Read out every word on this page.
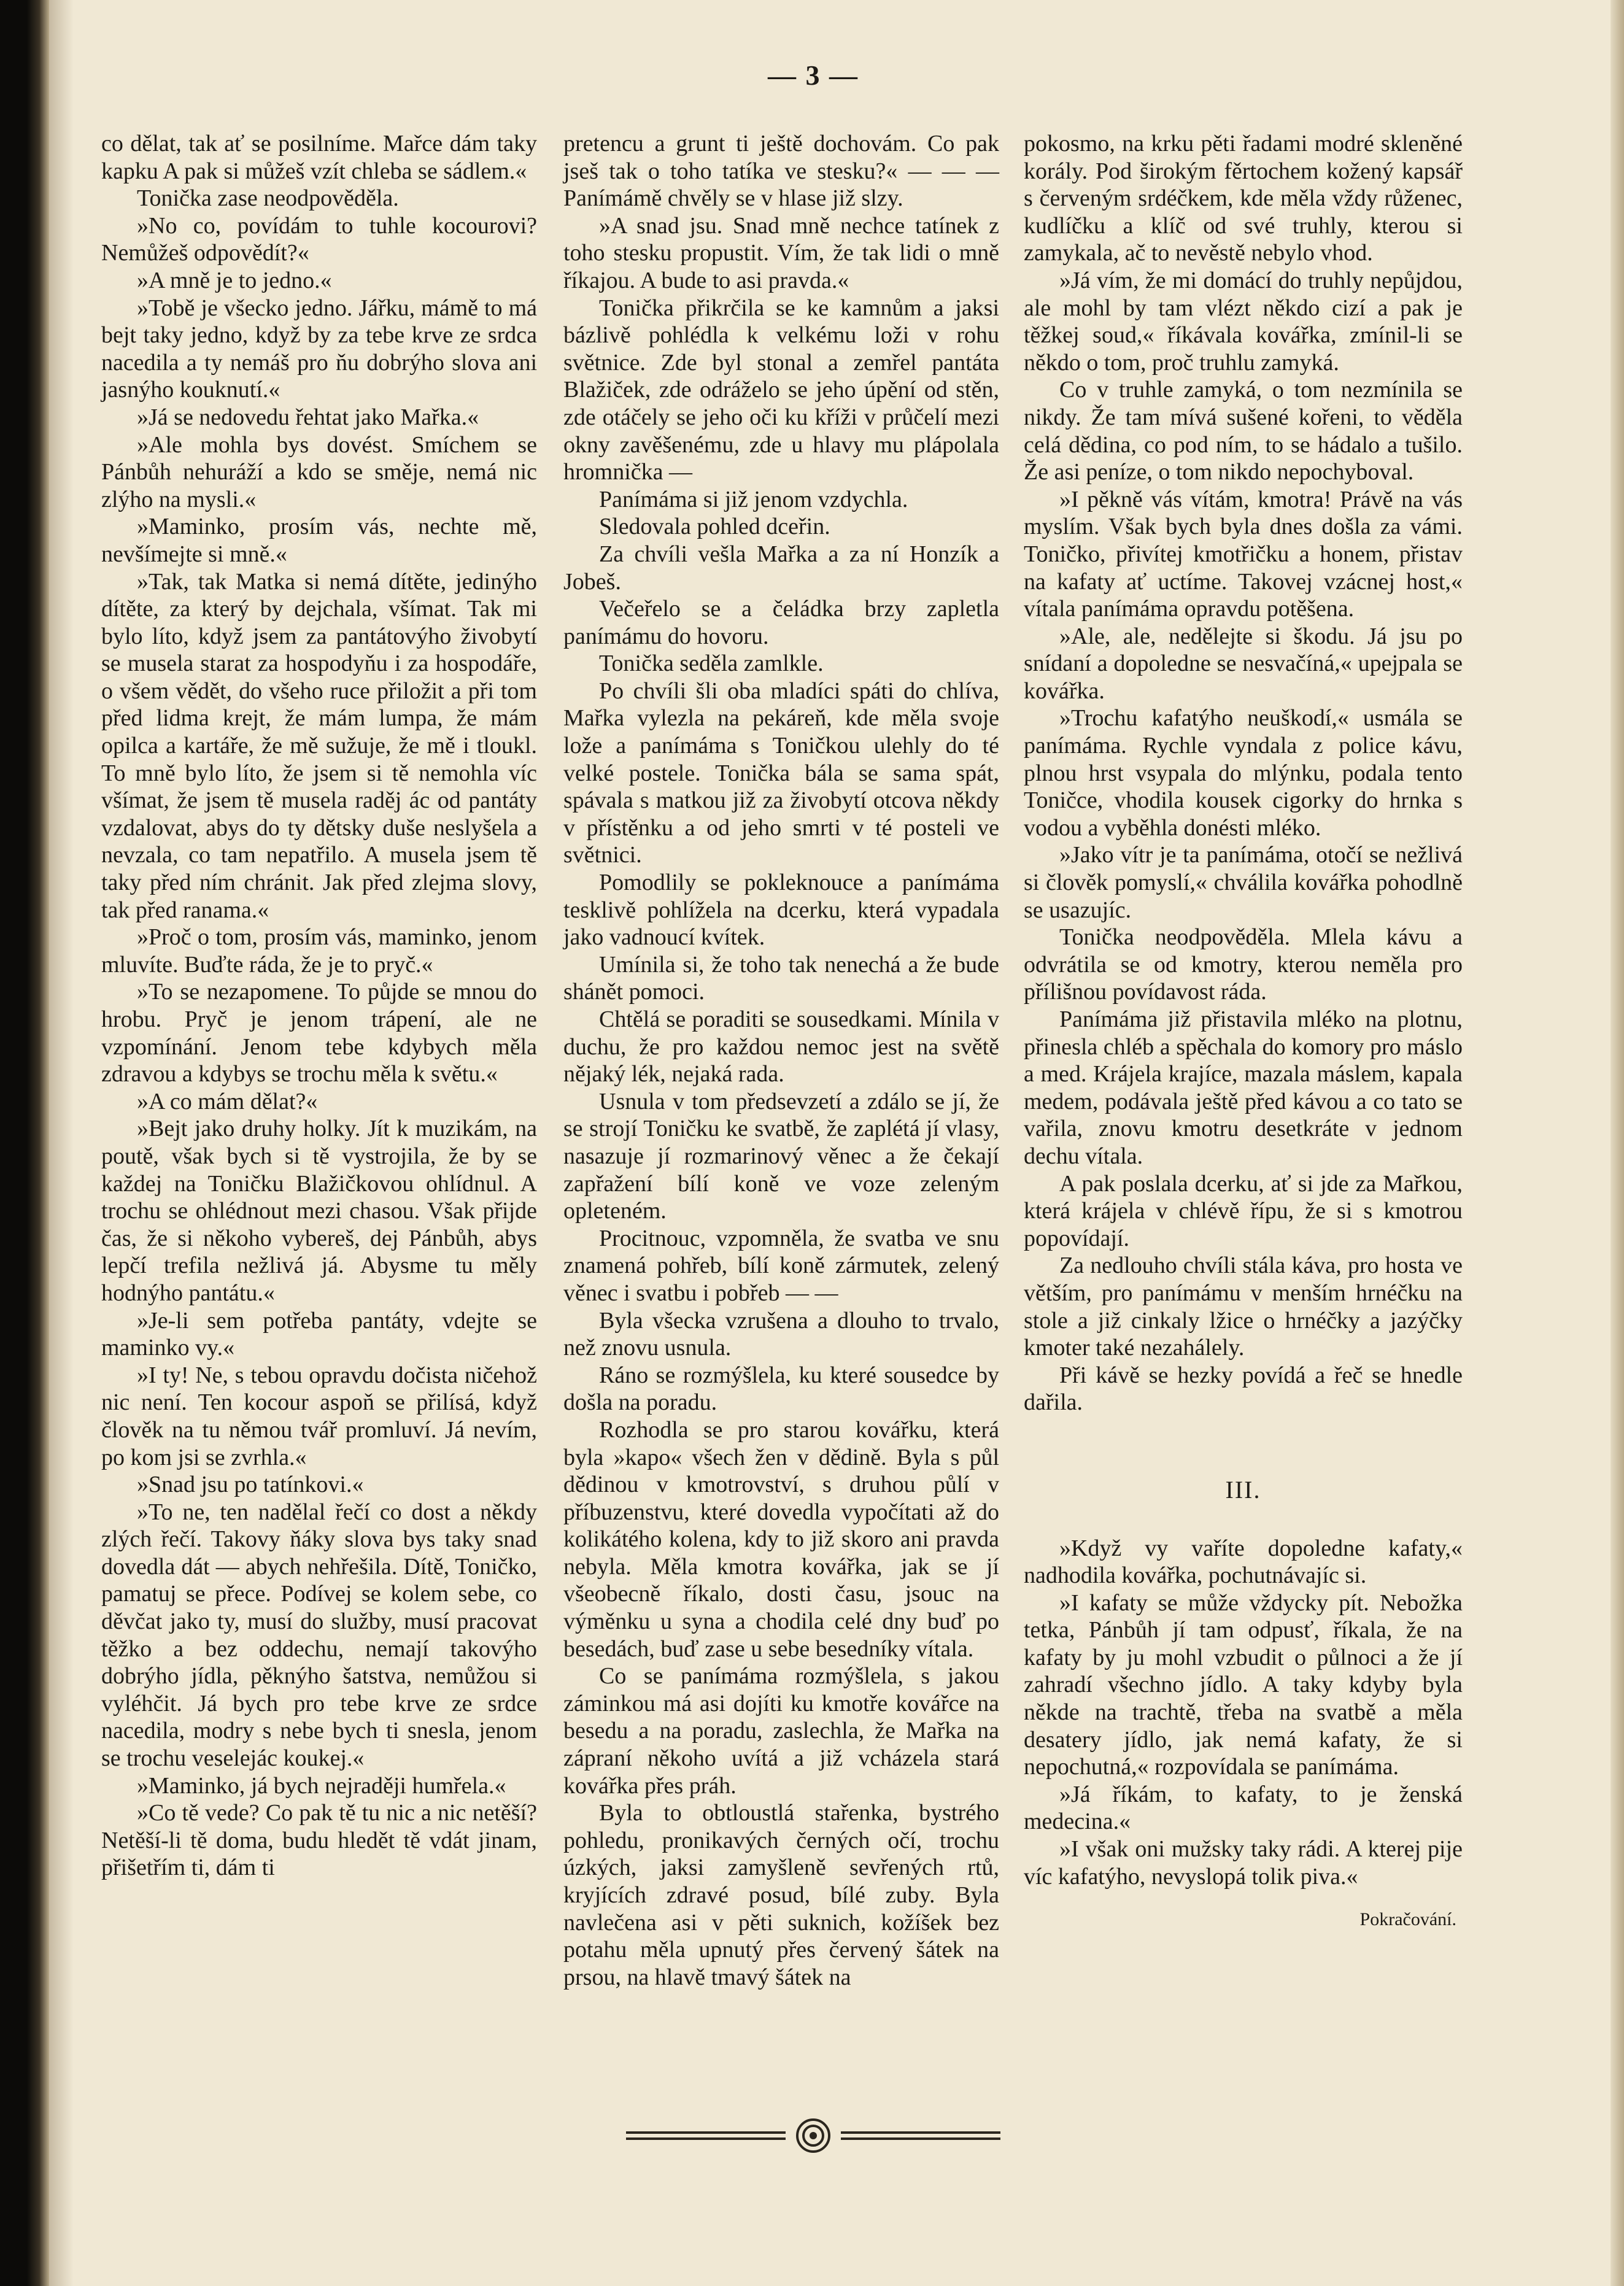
— 3 —

co dělat, tak ať se posilníme. Mařce dám taky kapku A pak si můžeš vzít chleba se sádlem.«

Tonička zase neodpověděla.

»No co, povídám to tuhle kocourovi? Nemůžeš odpovědít?«

»A mně je to jedno.«

»Tobě je všecko jedno. Jářku, mámě to má bejt taky jedno, když by za tebe krve ze srdca nacedila a ty nemáš pro ňu dobrýho slova ani jasnýho kouknutí.«

»Já se nedovedu řehtat jako Mařka.«

»Ale mohla bys dovést. Smíchem se Pánbůh nehuráží a kdo se směje, nemá nic zlýho na mysli.«

»Maminko, prosím vás, nechte mě, nevšímejte si mně.«

»Tak, tak Matka si nemá dítěte, jedinýho dítěte, za který by dejchala, všímat. Tak mi bylo líto, když jsem za pantátovýho živobytí se musela starat za hospodyňu i za hospodáře, o všem vědět, do všeho ruce přiložit a při tom před lidma krejt, že mám lumpa, že mám opilca a kartáře, že mě sužuje, že mě i tloukl. To mně bylo líto, že jsem si tě nemohla víc všímat, že jsem tě musela raděj ác od pantáty vzdalovat, abys do ty dětsky duše neslyšela a nevzala, co tam nepatřilo. A musela jsem tě taky před ním chránit. Jak před zlejma slovy, tak před ranama.«

»Proč o tom, prosím vás, maminko, jenom mluvíte. Buďte ráda, že je to pryč.«

»To se nezapomene. To půjde se mnou do hrobu. Pryč je jenom trápení, ale ne vzpomínání. Jenom tebe kdybych měla zdravou a kdybys se trochu měla k světu.«

»A co mám dělat?«

»Bejt jako druhy holky. Jít k muzikám, na poutě, však bych si tě vystrojila, že by se každej na Toničku Blažičkovou ohlídnul. A trochu se ohlédnout mezi chasou. Však přijde čas, že si někoho vybereš, dej Pánbůh, abys lepčí trefila nežlivá já. Abysme tu měly hodnýho pantátu.«

»Je-li sem potřeba pantáty, vdejte se maminko vy.«

»I ty! Ne, s tebou opravdu dočista ničehož nic není. Ten kocour aspoň se přilísá, když člověk na tu němou tvář promluví. Já nevím, po kom jsi se zvrhla.«

»Snad jsu po tatínkovi.«

»To ne, ten nadělal řečí co dost a někdy zlých řečí. Takovy ňáky slova bys taky snad dovedla dát — abych nehřešila. Dítě, Toničko, pamatuj se přece. Podívej se kolem sebe, co děvčat jako ty, musí do služby, musí pracovat těžko a bez oddechu, nemají takovýho dobrýho jídla, pěknýho šatstva, nemůžou si vyléhčit. Já bych pro tebe krve ze srdce nacedila, modry s nebe bych ti snesla, jenom se trochu veselejác koukej.«

»Maminko, já bych nejraději humřela.«

»Co tě vede? Co pak tě tu nic a nic netěší? Netěší-li tě doma, budu hledět tě vdát jinam, přišetřím ti, dám ti

pretencu a grunt ti ještě dochovám. Co pak jseš tak o toho tatíka ve stesku?« — — — Panímámě chvěly se v hlase již slzy.

»A snad jsu. Snad mně nechce tatínek z toho stesku propustit. Vím, že tak lidi o mně říkajou. A bude to asi pravda.«

Tonička přikrčila se ke kamnům a jaksi bázlivě pohlédla k velkému loži v rohu světnice. Zde byl stonal a zemřel pantáta Blažiček, zde odráželo se jeho úpění od stěn, zde otáčely se jeho oči ku kříži v průčelí mezi okny zavěšenému, zde u hlavy mu plápolala hromnička —

Panímáma si již jenom vzdychla.

Sledovala pohled dceřin.

Za chvíli vešla Mařka a za ní Honzík a Jobeš.

Večeřelo se a čeládka brzy zapletla panímámu do hovoru.

Tonička seděla zamlkle.

Po chvíli šli oba mladíci spáti do chlíva, Mařka vylezla na pekáreň, kde měla svoje lože a panímáma s Toničkou ulehly do té velké postele. Tonička bála se sama spát, spávala s matkou již za živobytí otcova někdy v přístěnku a od jeho smrti v té posteli ve světnici.

Pomodlily se pokleknouce a panímáma tesklivě pohlížela na dcerku, která vypadala jako vadnoucí kvítek.

Umínila si, že toho tak nenechá a že bude shánět pomoci.

Chtělá se poraditi se sousedkami. Mínila v duchu, že pro každou nemoc jest na světě nějaký lék, nejaká rada.

Usnula v tom předsevzetí a zdálo se jí, že se strojí Toničku ke svatbě, že zaplétá jí vlasy, nasazuje jí rozmarinový věnec a že čekají zapřažení bílí koně ve voze zeleným opleteném.

Procitnouc, vzpomněla, že svatba ve snu znamená pohřeb, bílí koně zármutek, zelený věnec i svatbu i pobřeb — —

Byla všecka vzrušena a dlouho to trvalo, než znovu usnula.

Ráno se rozmýšlela, ku které sousedce by došla na poradu.

Rozhodla se pro starou kovářku, která byla »kapo« všech žen v dědině. Byla s půl dědinou v kmotrovství, s druhou půlí v příbuzenstvu, které dovedla vypočítati až do kolikátého kolena, kdy to již skoro ani pravda nebyla. Měla kmotra kovářka, jak se jí všeobecně říkalo, dosti času, jsouc na výměnku u syna a chodila celé dny buď po besedách, buď zase u sebe besedníky vítala.

Co se panímáma rozmýšlela, s jakou záminkou má asi dojíti ku kmotře kovářce na besedu a na poradu, zaslechla, že Mařka na zápraní někoho uvítá a již vcházela stará kovářka přes práh.

Byla to obtloustlá stařenka, bystrého pohledu, pronikavých černých očí, trochu úzkých, jaksi zamyšleně sevřených rtů, kryjících zdravé posud, bílé zuby. Byla navlečena asi v pěti suknich, kožíšek bez potahu měla upnutý přes červený šátek na prsou, na hlavě tmavý šátek na

pokosmo, na krku pěti řadami modré skleněné korály. Pod širokým fěrtochem kožený kapsář s červeným srdéčkem, kde měla vždy růženec, kudlíčku a klíč od své truhly, kterou si zamykala, ač to nevěstě nebylo vhod.

»Já vím, že mi domácí do truhly nepůjdou, ale mohl by tam vlézt někdo cizí a pak je těžkej soud,« říkávala kovářka, zmínil-li se někdo o tom, proč truhlu zamyká.

Co v truhle zamyká, o tom nezmínila se nikdy. Že tam mívá sušené kořeni, to věděla celá dědina, co pod ním, to se hádalo a tušilo. Že asi peníze, o tom nikdo nepochyboval.

»I pěkně vás vítám, kmotra! Právě na vás myslím. Však bych byla dnes došla za vámi. Toničko, přivítej kmotřičku a honem, přistav na kafaty ať uctíme. Takovej vzácnej host,« vítala panímáma opravdu potěšena.

»Ale, ale, nedělejte si škodu. Já jsu po snídaní a dopoledne se nesvačíná,« upejpala se kovářka.

»Trochu kafatýho neuškodí,« usmála se panímáma. Rychle vyndala z police kávu, plnou hrst vsypala do mlýnku, podala tento Toničce, vhodila kousek cigorky do hrnka s vodou a vyběhla donésti mléko.

»Jako vítr je ta panímáma, otočí se nežlivá si člověk pomyslí,« chválila kovářka pohodlně se usazujíc.

Tonička neodpověděla. Mlela kávu a odvrátila se od kmotry, kterou neměla pro přílišnou povídavost ráda.

Panímáma již přistavila mléko na plotnu, přinesla chléb a spěchala do komory pro máslo a med. Krájela krajíce, mazala máslem, kapala medem, podávala ještě před kávou a co tato se vařila, znovu kmotru desetkráte v jednom dechu vítala.

A pak poslala dcerku, ať si jde za Mařkou, která krájela v chlévě řípu, že si s kmotrou popovídají.

Za nedlouho chvíli stála káva, pro hosta ve větším, pro panímámu v menším hrnéčku na stole a již cinkaly lžice o hrnéčky a jazýčky kmoter také nezahálely.

Při kávě se hezky povídá a řeč se hnedle dařila.

III.

»Když vy vaříte dopoledne kafaty,« nadhodila kovářka, pochutnávajíc si.

»I kafaty se může vždycky pít. Nebožka tetka, Pánbůh jí tam odpusť, říkala, že na kafaty by ju mohl vzbudit o půlnoci a že jí zahradí všechno jídlo. A taky kdyby byla někde na trachtě, třeba na svatbě a měla desatery jídlo, jak nemá kafaty, že si nepochutná,« rozpovídala se panímáma.

»Já říkám, to kafaty, to je ženská medecina.«

»I však oni mužsky taky rádi. A kterej pije víc kafatýho, nevyslopá tolik piva.«

Pokračování.
